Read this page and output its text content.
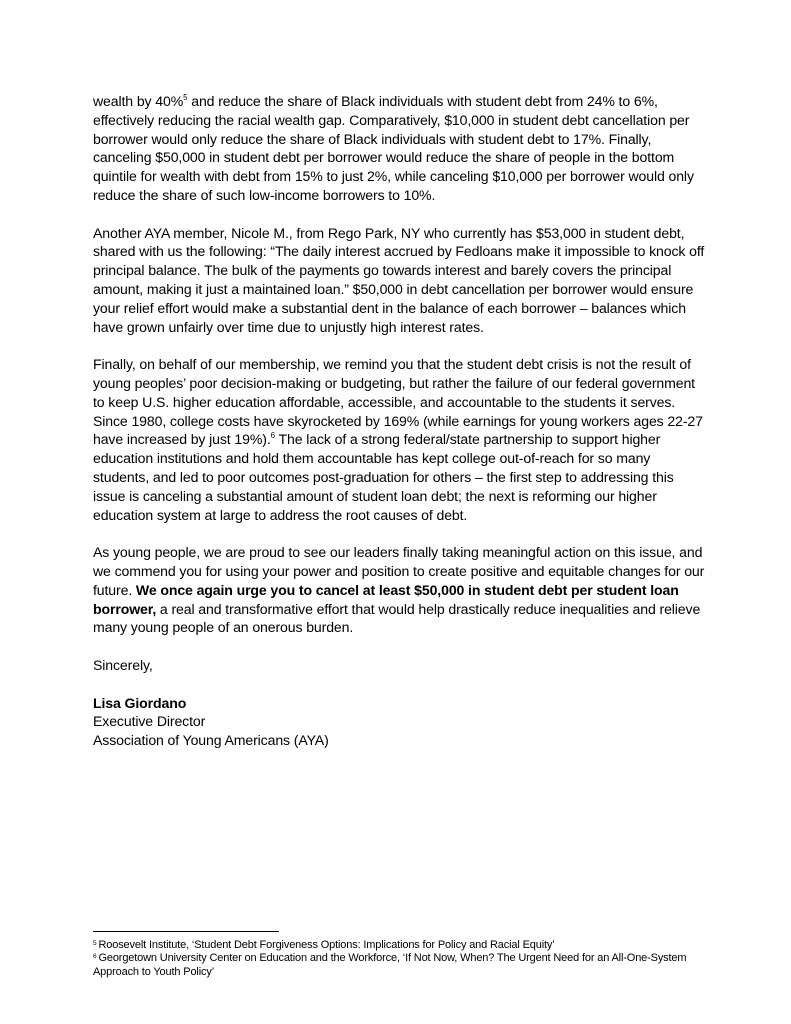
wealth by 40%$^5$ and reduce the share of Black individuals with student debt from 24% to 6%, effectively reducing the racial wealth gap. Comparatively, $10,000 in student debt cancellation per borrower would only reduce the share of Black individuals with student debt to 17%. Finally, canceling $50,000 in student debt per borrower would reduce the share of people in the bottom quintile for wealth with debt from 15% to just 2%, while canceling $10,000 per borrower would only reduce the share of such low-income borrowers to 10%.

Another AYA member, Nicole M., from Rego Park, NY who currently has $53,000 in student debt, shared with us the following: “The daily interest accrued by Fedloans make it impossible to knock off principal balance. The bulk of the payments go towards interest and barely covers the principal amount, making it just a maintained loan.” $50,000 in debt cancellation per borrower would ensure your relief effort would make a substantial dent in the balance of each borrower – balances which have grown unfairly over time due to unjustly high interest rates.

Finally, on behalf of our membership, we remind you that the student debt crisis is not the result of young peoples’ poor decision-making or budgeting, but rather the failure of our federal government to keep U.S. higher education affordable, accessible, and accountable to the students it serves. Since 1980, college costs have skyrocketed by 169% (while earnings for young workers ages 22-27 have increased by just 19%).$^6$ The lack of a strong federal/state partnership to support higher education institutions and hold them accountable has kept college out-of-reach for so many students, and led to poor outcomes post-graduation for others – the first step to addressing this issue is canceling a substantial amount of student loan debt; the next is reforming our higher education system at large to address the root causes of debt.

As young people, we are proud to see our leaders finally taking meaningful action on this issue, and we commend you for using your power and position to create positive and equitable changes for our future. We once again urge you to cancel at least $50,000 in student debt per student loan borrower, a real and transformative effort that would help drastically reduce inequalities and relieve many young people of an onerous burden.

Sincerely,

Lisa Giordano

Executive Director

Association of Young Americans (AYA)

$^5$ Roosevelt Institute, ‘Student Debt Forgiveness Options: Implications for Policy and Racial Equity’

$^6$ Georgetown University Center on Education and the Workforce, ‘If Not Now, When? The Urgent Need for an All-One-System Approach to Youth Policy’
